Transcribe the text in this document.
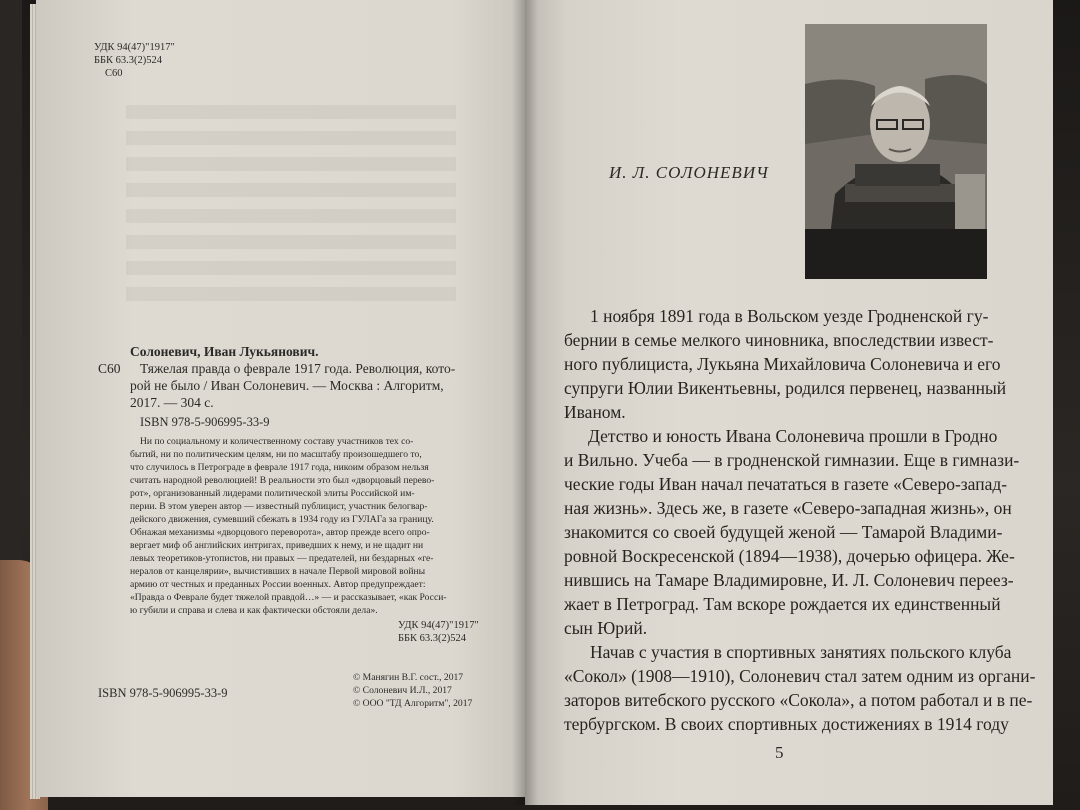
УДК 94(47)"1917"
ББК 63.3(2)524
С60
Солоневич, Иван Лукьянович.
С60 Тяжелая правда о феврале 1917 года. Революция, кото-
рой не было / Иван Солоневич. — Москва : Алгоритм,
2017. — 304 с.
ISBN 978-5-906995-33-9
Ни по социальному и количественному составу участников тех со-
бытий, ни по политическим целям, ни по масштабу произошедшего то,
что случилось в Петрограде в феврале 1917 года, никоим образом нельзя
считать народной революцией! В реальности это был «дворцовый перево-
рот», организованный лидерами политической элиты Российской им-
перии. В этом уверен автор — известный публицист, участник белогвар-
дейского движения, сумевший сбежать в 1934 году из ГУЛАГа за границу.
Обнажая механизмы «дворцового переворота», автор прежде всего опро-
вергает миф об английских интригах, приведших к нему, и не щадит ни
левых теоретиков-утопистов, ни правых — предателей, ни бездарных «ге-
нералов от канцелярии», вычистивших в начале Первой мировой войны
армию от честных и преданных России военных. Автор предупреждает:
«Правда о Феврале будет тяжелой правдой…» — и рассказывает, «как Росси-
ю губили и справа и слева и как фактически обстояли дела».
УДК 94(47)"1917"
ББК 63.3(2)524
ISBN 978-5-906995-33-9
© Манягин В.Г. сост., 2017
© Солоневич И.Л., 2017
© ООО "ТД Алгоритм", 2017
И. Л. СОЛОНЕВИЧ
1 ноября 1891 года в Вольском уезде Гродненской гу-
бернии в семье мелкого чиновника, впоследствии извест-
ного публициста, Лукьяна Михайловича Солоневича и его
супруги Юлии Викентьевны, родился первенец, названный
Иваном.
Детство и юность Ивана Солоневича прошли в Гродно
и Вильно. Учеба — в гродненской гимназии. Еще в гимнази-
ческие годы Иван начал печататься в газете «Северо-запад-
ная жизнь». Здесь же, в газете «Северо-западная жизнь», он
знакомится со своей будущей женой — Тамарой Владими-
ровной Воскресенской (1894—1938), дочерью офицера. Же-
нившись на Тамаре Владимировне, И. Л. Солоневич переез-
жает в Петроград. Там вскоре рождается их единственный
сын Юрий.
Начав с участия в спортивных занятиях польского клуба
«Сокол» (1908—1910), Солоневич стал затем одним из органи-
заторов витебского русского «Сокола», а потом работал и в пе-
тербургском. В своих спортивных достижениях в 1914 году
5
